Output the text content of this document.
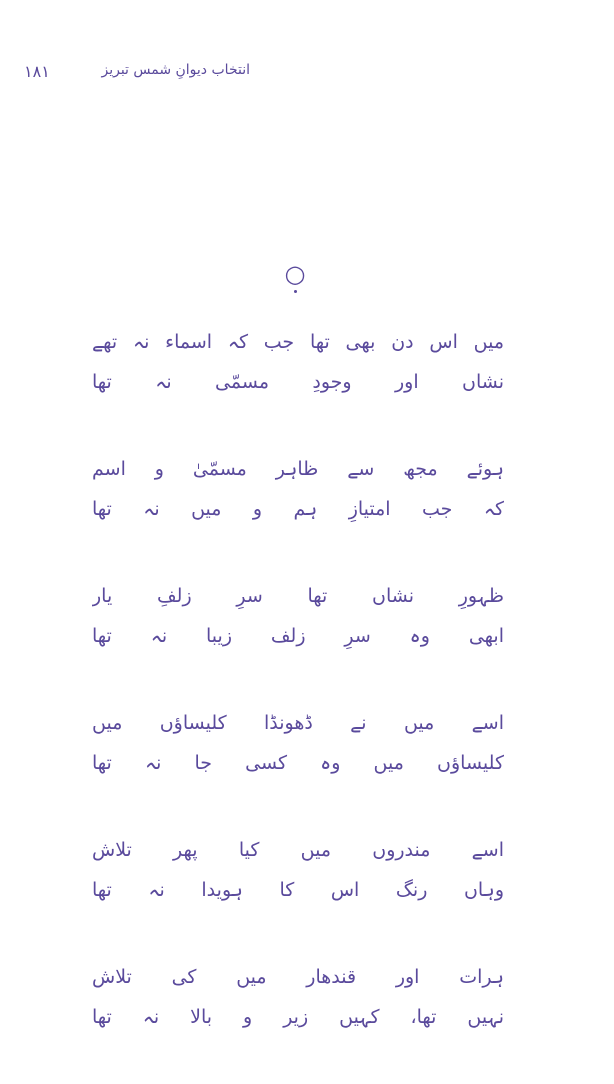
۱۸۱	انتخاب دیوانِ شمس تبریز
○
میں اس دن بھی تھا جب کہ اسماء نہ تھے
نشاں اور وجودِ مسمّی نہ تھا
ہوئے مجھ سے ظاہر مسمّیٰ و اسم
کہ جب امتیازِ ہم و میں نہ تھا
ظہورِ نشاں تھا سرِ زلفِ یار
ابھی وہ سرِ زلف زیبا نہ تھا
اسے میں نے ڈھونڈا کلیساؤں میں
کلیساؤں میں وہ کسی جا نہ تھا
اسے مندروں میں کیا پھر تلاش
وہاں رنگ اس کا ہویدا نہ تھا
ہرات اور قندھار میں کی تلاش
نہیں تھا، کہیں زیر و بالا نہ تھا
